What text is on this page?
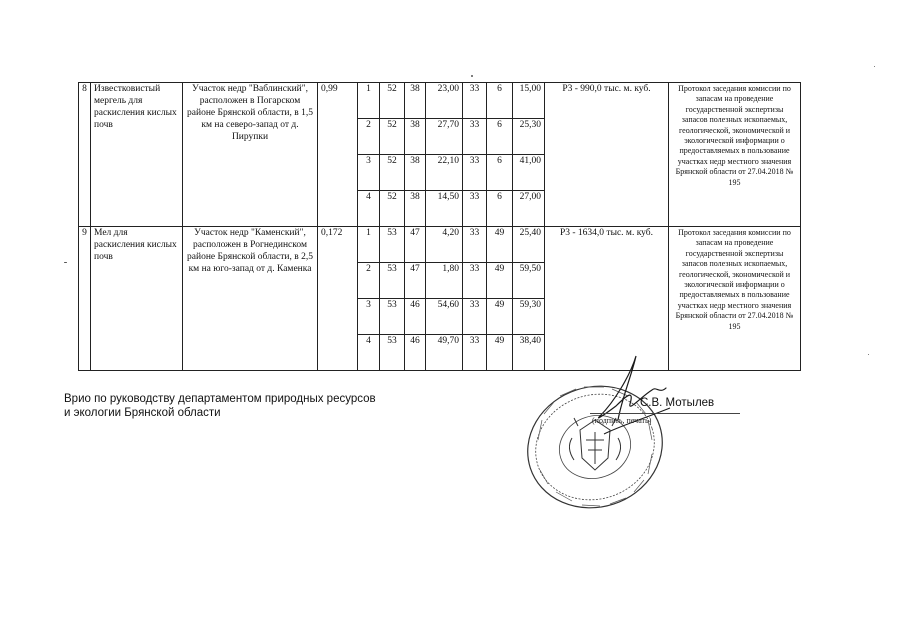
8	Известковистый мергель для раскисления кислых почв	Участок недр "Ваблинский", расположен в Погарском районе Брянской области, в 1,5 км на северо-запад от д. Пирупки	0,99	1	52	38	23,00	33	6	15,00	Р3 - 990,0 тыс. м. куб.	Протокол заседания комиссии по запасам на проведение государственной экспертизы запасов полезных ископаемых, геологической, экономической и экологической информации о предоставляемых в пользование участках недр местного значения Брянской области от 27.04.2018 № 195
				2	52	38	27,70	33	6	25,30		
				3	52	38	22,10	33	6	41,00		
				4	52	38	14,50	33	6	27,00		
9	Мел для раскисления кислых почв	Участок недр "Каменский", расположен в Рогнединском районе Брянской области, в 2,5 км на юго-запад от д. Каменка	0,172	1	53	47	4,20	33	49	25,40	Р3 - 1634,0 тыс. м. куб.	Протокол заседания комиссии по запасам на проведение государственной экспертизы запасов полезных ископаемых, геологической, экономической и экологической информации о предоставляемых в пользование участках недр местного значения Брянской области от 27.04.2018 № 195
				2	53	47	1,80	33	49	59,50		
				3	53	46	54,60	33	49	59,30		
				4	53	46	49,70	33	49	38,40		
Врио по руководству департаментом природных ресурсов
и экологии Брянской области
С.В. Мотылев
(подпись, печать)
